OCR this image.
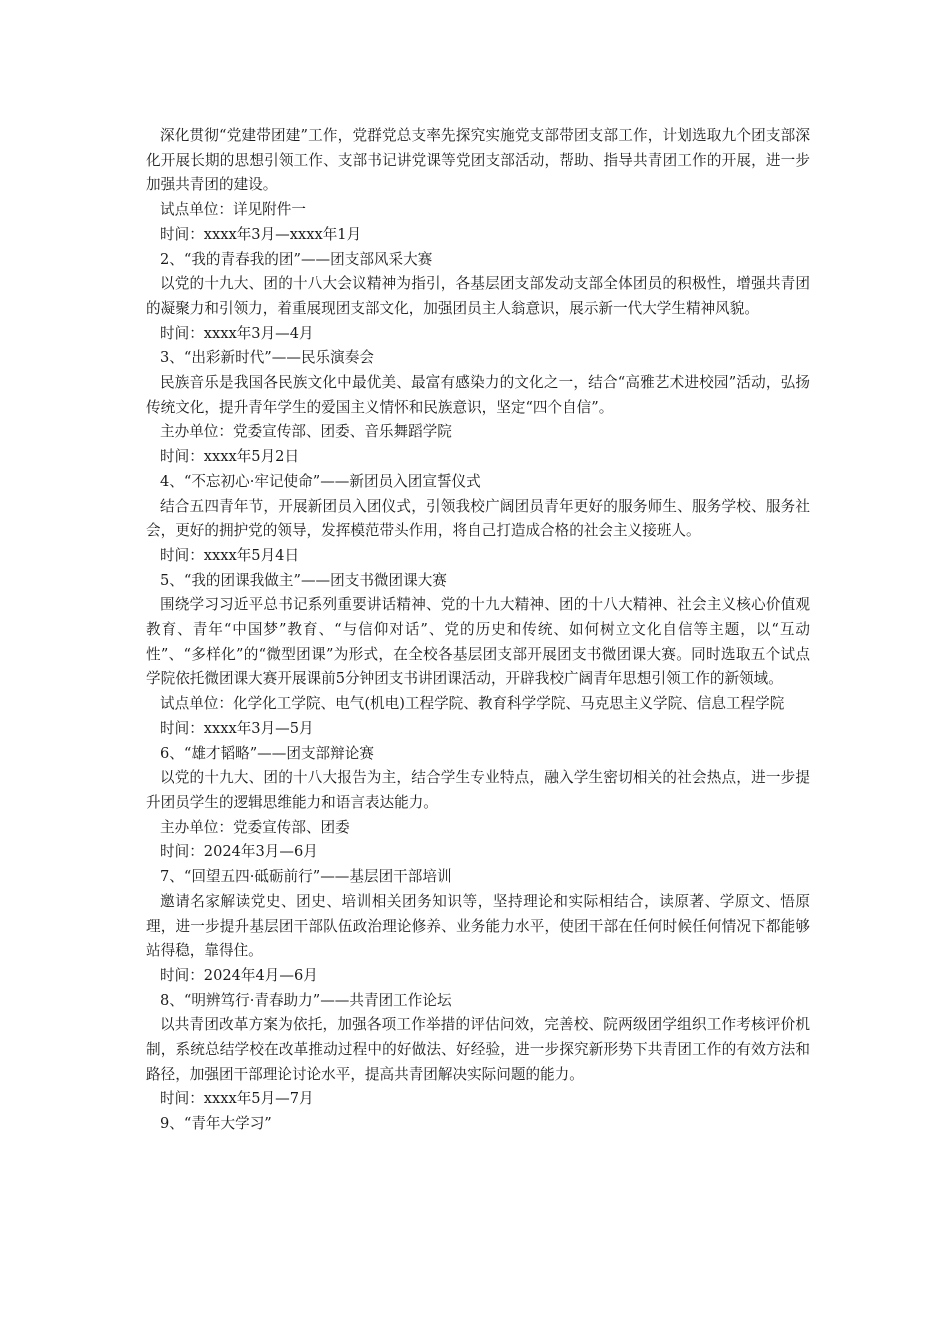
深化贯彻“党建带团建”工作，党群党总支率先探究实施党支部带团支部工作，计划选取九个团支部深化开展长期的思想引领工作、支部书记讲党课等党团支部活动，帮助、指导共青团工作的开展，进一步加强共青团的建设。

试点单位：详见附件一

时间：xxxx年3月—xxxx年1月

2、“我的青春我的团”——团支部风采大赛

以党的十九大、团的十八大会议精神为指引，各基层团支部发动支部全体团员的积极性，增强共青团的凝聚力和引领力，着重展现团支部文化，加强团员主人翁意识，展示新一代大学生精神风貌。

时间：xxxx年3月—4月

3、“出彩新时代”——民乐演奏会

民族音乐是我国各民族文化中最优美、最富有感染力的文化之一，结合“高雅艺术进校园”活动，弘扬传统文化，提升青年学生的爱国主义情怀和民族意识，坚定“四个自信”。

主办单位：党委宣传部、团委、音乐舞蹈学院

时间：xxxx年5月2日

4、“不忘初心·牢记使命”——新团员入团宣誓仪式

结合五四青年节，开展新团员入团仪式，引领我校广阔团员青年更好的服务师生、服务学校、服务社会，更好的拥护党的领导，发挥模范带头作用，将自己打造成合格的社会主义接班人。

时间：xxxx年5月4日

5、“我的团课我做主”——团支书微团课大赛

围绕学习习近平总书记系列重要讲话精神、党的十九大精神、团的十八大精神、社会主义核心价值观教育、青年“中国梦”教育、“与信仰对话”、党的历史和传统、如何树立文化自信等主题，以“互动性”、“多样化”的“微型团课”为形式，在全校各基层团支部开展团支书微团课大赛。同时选取五个试点学院依托微团课大赛开展课前5分钟团支书讲团课活动，开辟我校广阔青年思想引领工作的新领域。

试点单位：化学化工学院、电气(机电)工程学院、教育科学学院、马克思主义学院、信息工程学院

时间：xxxx年3月—5月

6、“雄才韬略”——团支部辩论赛

以党的十九大、团的十八大报告为主，结合学生专业特点，融入学生密切相关的社会热点，进一步提升团员学生的逻辑思维能力和语言表达能力。

主办单位：党委宣传部、团委

时间：2024年3月—6月

7、“回望五四·砥砺前行”——基层团干部培训

邀请名家解读党史、团史、培训相关团务知识等，坚持理论和实际相结合，读原著、学原文、悟原理，进一步提升基层团干部队伍政治理论修养、业务能力水平，使团干部在任何时候任何情况下都能够站得稳，靠得住。

时间：2024年4月—6月

8、“明辨笃行·青春助力”——共青团工作论坛

以共青团改革方案为依托，加强各项工作举措的评估问效，完善校、院两级团学组织工作考核评价机制，系统总结学校在改革推动过程中的好做法、好经验，进一步探究新形势下共青团工作的有效方法和路径，加强团干部理论讨论水平，提高共青团解决实际问题的能力。

时间：xxxx年5月—7月

9、“青年大学习”
